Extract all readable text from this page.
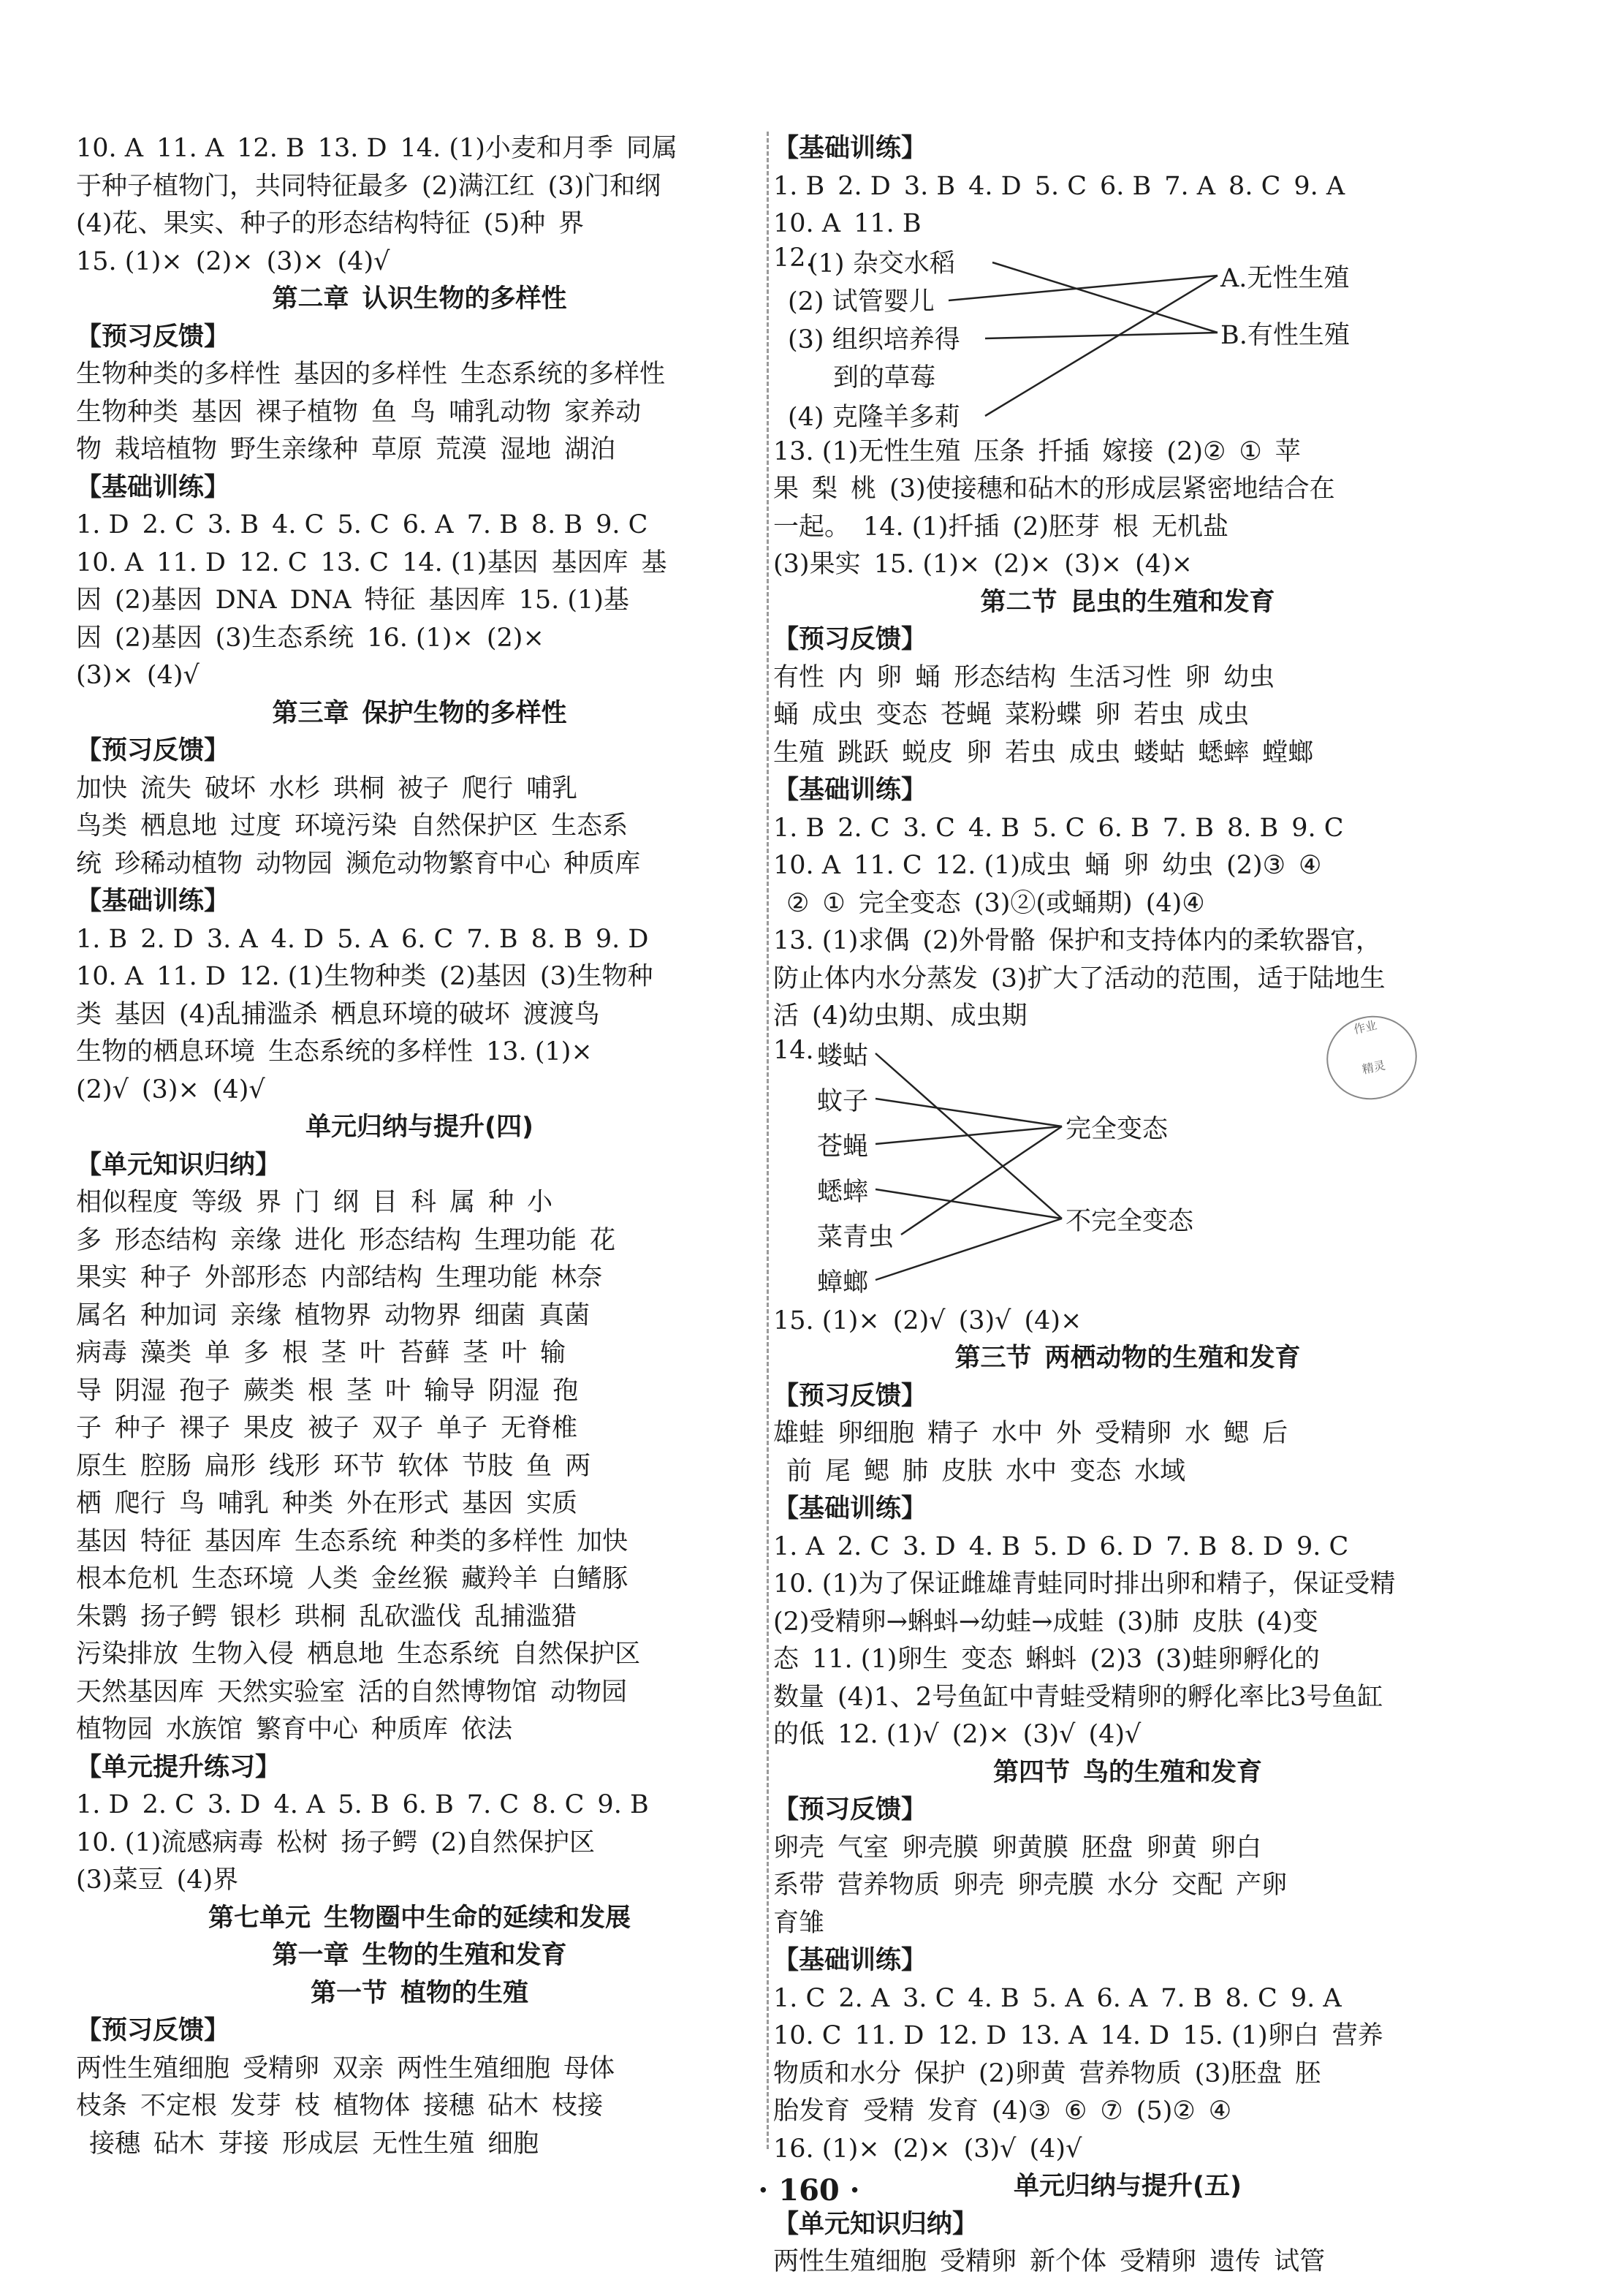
10. A 11. A 12. B 13. D 14. (1)小麦和月季 同属
于种子植物门，共同特征最多 (2)满江红 (3)门和纲
(4)花、果实、种子的形态结构特征 (5)种 界
15. (1)× (2)× (3)× (4)√
第二章 认识生物的多样性
【预习反馈】
生物种类的多样性 基因的多样性 生态系统的多样性
生物种类 基因 裸子植物 鱼 鸟 哺乳动物 家养动
物 栽培植物 野生亲缘种 草原 荒漠 湿地 湖泊
【基础训练】
1. D 2. C 3. B 4. C 5. C 6. A 7. B 8. B 9. C
10. A 11. D 12. C 13. C 14. (1)基因 基因库 基
因 (2)基因 DNA DNA 特征 基因库 15. (1)基
因 (2)基因 (3)生态系统 16. (1)× (2)×
(3)× (4)√
第三章 保护生物的多样性
【预习反馈】
加快 流失 破坏 水杉 珙桐 被子 爬行 哺乳
鸟类 栖息地 过度 环境污染 自然保护区 生态系
统 珍稀动植物 动物园 濒危动物繁育中心 种质库
【基础训练】
1. B 2. D 3. A 4. D 5. A 6. C 7. B 8. B 9. D
10. A 11. D 12. (1)生物种类 (2)基因 (3)生物种
类 基因 (4)乱捕滥杀 栖息环境的破坏 渡渡鸟
生物的栖息环境 生态系统的多样性 13. (1)×
(2)√ (3)× (4)√
单元归纳与提升(四)
【单元知识归纳】
相似程度 等级 界 门 纲 目 科 属 种 小
多 形态结构 亲缘 进化 形态结构 生理功能 花
果实 种子 外部形态 内部结构 生理功能 林奈
属名 种加词 亲缘 植物界 动物界 细菌 真菌
病毒 藻类 单 多 根 茎 叶 苔藓 茎 叶 输
导 阴湿 孢子 蕨类 根 茎 叶 输导 阴湿 孢
子 种子 裸子 果皮 被子 双子 单子 无脊椎
原生 腔肠 扁形 线形 环节 软体 节肢 鱼 两
栖 爬行 鸟 哺乳 种类 外在形式 基因 实质
基因 特征 基因库 生态系统 种类的多样性 加快
根本危机 生态环境 人类 金丝猴 藏羚羊 白鳍豚
朱鹮 扬子鳄 银杉 珙桐 乱砍滥伐 乱捕滥猎
污染排放 生物入侵 栖息地 生态系统 自然保护区
天然基因库 天然实验室 活的自然博物馆 动物园
植物园 水族馆 繁育中心 种质库 依法
【单元提升练习】
1. D 2. C 3. D 4. A 5. B 6. B 7. C 8. C 9. B
10. (1)流感病毒 松树 扬子鳄 (2)自然保护区
(3)菜豆 (4)界
第七单元 生物圈中生命的延续和发展
第一章 生物的生殖和发育
第一节 植物的生殖
【预习反馈】
两性生殖细胞 受精卵 双亲 两性生殖细胞 母体
枝条 不定根 发芽 枝 植物体 接穗 砧木 枝接
接穗 砧木 芽接 形成层 无性生殖 细胞
【基础训练】
1. B 2. D 3. B 4. D 5. C 6. B 7. A 8. C 9. A
10. A 11. B
12.
(1) 杂交水稻
(2) 试管婴儿
(3) 组织培养得
到的草莓
(4) 克隆羊多莉
A.无性生殖
B.有性生殖
13. (1)无性生殖 压条 扦插 嫁接 (2)② ① 苹
果 梨 桃 (3)使接穗和砧木的形成层紧密地结合在
一起。 14. (1)扦插 (2)胚芽 根 无机盐
(3)果实 15. (1)× (2)× (3)× (4)×
第二节 昆虫的生殖和发育
【预习反馈】
有性 内 卵 蛹 形态结构 生活习性 卵 幼虫
蛹 成虫 变态 苍蝇 菜粉蝶 卵 若虫 成虫
生殖 跳跃 蜕皮 卵 若虫 成虫 蝼蛄 蟋蟀 螳螂
【基础训练】
1. B 2. C 3. C 4. B 5. C 6. B 7. B 8. B 9. C
10. A 11. C 12. (1)成虫 蛹 卵 幼虫 (2)③ ④
② ① 完全变态 (3)②(或蛹期) (4)④
13. (1)求偶 (2)外骨骼 保护和支持体内的柔软器官，
防止体内水分蒸发 (3)扩大了活动的范围，适于陆地生
活 (4)幼虫期、成虫期
14. 蝼蛄
蚊子
苍蝇
蟋蟀
菜青虫
蟑螂
完全变态
不完全变态
15. (1)× (2)√ (3)√ (4)×
第三节 两栖动物的生殖和发育
【预习反馈】
雄蛙 卵细胞 精子 水中 外 受精卵 水 鳃 后
前 尾 鳃 肺 皮肤 水中 变态 水域
【基础训练】
1. A 2. C 3. D 4. B 5. D 6. D 7. B 8. D 9. C
10. (1)为了保证雌雄青蛙同时排出卵和精子，保证受精
(2)受精卵→蝌蚪→幼蛙→成蛙 (3)肺 皮肤 (4)变
态 11. (1)卵生 变态 蝌蚪 (2)3 (3)蛙卵孵化的
数量 (4)1、2号鱼缸中青蛙受精卵的孵化率比3号鱼缸
的低 12. (1)√ (2)× (3)√ (4)√
第四节 鸟的生殖和发育
【预习反馈】
卵壳 气室 卵壳膜 卵黄膜 胚盘 卵黄 卵白
系带 营养物质 卵壳 卵壳膜 水分 交配 产卵
育雏
【基础训练】
1. C 2. A 3. C 4. B 5. A 6. A 7. B 8. C 9. A
10. C 11. D 12. D 13. A 14. D 15. (1)卵白 营养
物质和水分 保护 (2)卵黄 营养物质 (3)胚盘 胚
胎发育 受精 发育 (4)③ ⑥ ⑦ (5)② ④
16. (1)× (2)× (3)√ (4)√
单元归纳与提升(五)
【单元知识归纳】
两性生殖细胞 受精卵 新个体 受精卵 遗传 试管
作业
精灵
· 160 ·
